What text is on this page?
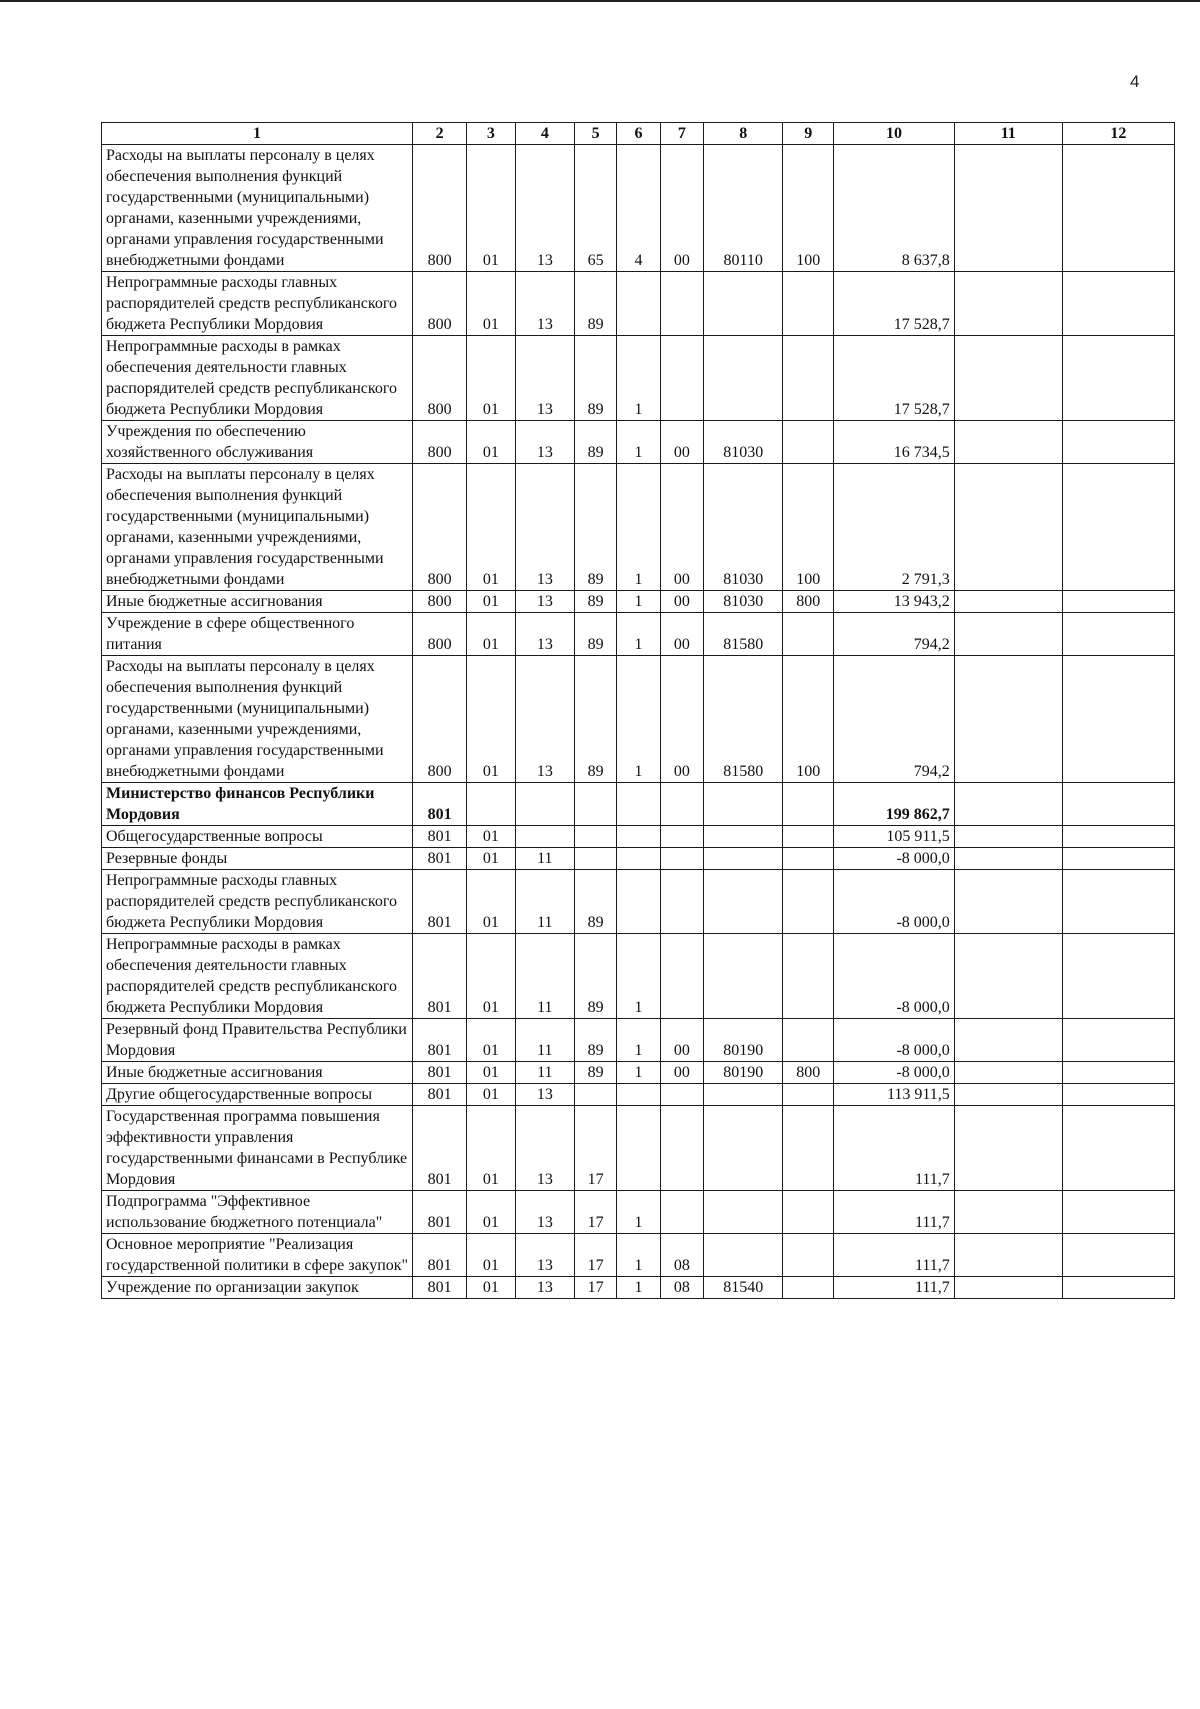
4
1	2	3	4	5	6	7	8	9	10	11	12
Расходы на выплаты персоналу в целях обеспечения выполнения функций государственными (муниципальными) органами, казенными учреждениями, органами управления государственными внебюджетными фондами	800	01	13	65	4	00	80110	100	8 637,8		
Непрограммные расходы главных распорядителей средств республиканского бюджета Республики Мордовия	800	01	13	89					17 528,7		
Непрограммные расходы в рамках обеспечения деятельности главных распорядителей средств республиканского бюджета Республики Мордовия	800	01	13	89	1				17 528,7		
Учреждения по обеспечению хозяйственного обслуживания	800	01	13	89	1	00	81030		16 734,5		
Расходы на выплаты персоналу в целях обеспечения выполнения функций государственными (муниципальными) органами, казенными учреждениями, органами управления государственными внебюджетными фондами	800	01	13	89	1	00	81030	100	2 791,3		
Иные бюджетные ассигнования	800	01	13	89	1	00	81030	800	13 943,2		
Учреждение в сфере общественного питания	800	01	13	89	1	00	81580		794,2		
Расходы на выплаты персоналу в целях обеспечения выполнения функций государственными (муниципальными) органами, казенными учреждениями, органами управления государственными внебюджетными фондами	800	01	13	89	1	00	81580	100	794,2		
Министерство финансов Республики Мордовия	801								199 862,7		
Общегосударственные вопросы	801	01							105 911,5		
Резервные фонды	801	01	11						-8 000,0		
Непрограммные расходы главных распорядителей средств республиканского бюджета Республики Мордовия	801	01	11	89					-8 000,0		
Непрограммные расходы в рамках обеспечения деятельности главных распорядителей средств республиканского бюджета Республики Мордовия	801	01	11	89	1				-8 000,0		
Резервный фонд Правительства Республики Мордовия	801	01	11	89	1	00	80190		-8 000,0		
Иные бюджетные ассигнования	801	01	11	89	1	00	80190	800	-8 000,0		
Другие общегосударственные вопросы	801	01	13						113 911,5		
Государственная программа повышения эффективности управления государственными финансами в Республике Мордовия	801	01	13	17					111,7		
Подпрограмма "Эффективное использование бюджетного потенциала"	801	01	13	17	1				111,7		
Основное мероприятие "Реализация государственной политики в сфере закупок"	801	01	13	17	1	08			111,7		
Учреждение по организации закупок	801	01	13	17	1	08	81540		111,7		
